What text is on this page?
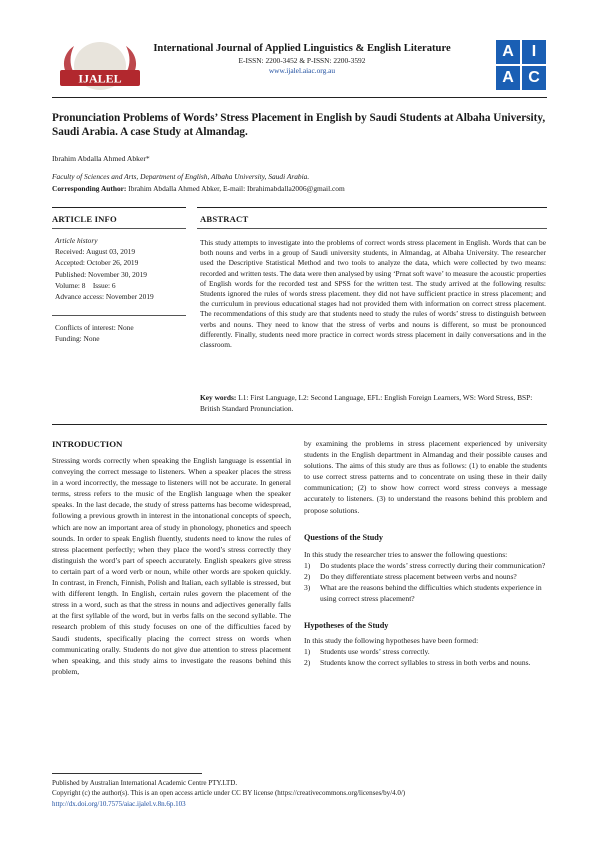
IJALEL
International Journal of Applied Linguistics & English Literature
E-ISSN: 2200-3452 & P-ISSN: 2200-3592
www.ijalel.aiac.org.au
A	I
A C
Pronunciation Problems of Words’ Stress Placement in English by Saudi Students at Albaha University, Saudi Arabia. A case Study at Almandag.
Ibrahim Abdalla Ahmed Abker*
Faculty of Sciences and Arts, Department of English, Albaha University, Saudi Arabia.
Corresponding Author: Ibrahim Abdalla Ahmed Abker, E-mail: Ibrahimabdalla2006@gmail.com
ARTICLE INFO	ABSTRACT
Article history
Received: August 03, 2019
Accepted: October 26, 2019
Published: November 30, 2019
Volume: 8    Issue: 6
Advance access: November 2019
Conflicts of interest: None
Funding: None
This study attempts to investigate into the problems of correct words stress placement in English. Words that can be both nouns and verbs in a group of Saudi university students, in Almandag, at Albaha University. The researcher used the Descriptive Statistical Method and two tools to analyze the data, which were collected by two means: recorded and written tests. The data were then analysed by using ‘Prnat soft wave’ to measure the acoustic properties of English words for the recorded test and SPSS for the written test. The study arrived at the following results: Students ignored the rules of words stress placement. they did not have sufficient practice in stress placement; and the curriculum in previous educational stages had not provided them with information on correct stress placement. The recommendations of this study are that students need to study the rules of words’ stress to distinguish between verbs and nouns. They need to know that the stress of verbs and nouns is different, so must be pronounced differently. Finally, students need more practice in correct words stress placement in daily conversations and in the classroom.
Key words: L1: First Language, L2: Second Language, EFL: English Foreign Learners, WS: Word Stress, BSP: British Standard Pronunciation.
INTRODUCTION
Stressing words correctly when speaking the English language is essential in conveying the correct message to listeners. When a speaker places the stress in a word incorrectly, the message to listeners will not be accurate. In general terms, stress refers to the music of the English language when the speaker speaks. In the last decade, the study of stress patterns has become widespread, following a previous growth in interest in the intonational concepts of speech, which are now an important area of study in phonology, phonetics and speech sounds. In order to speak English fluently, students need to know the rules of stress placement perfectly; when they place the word’s stress correctly they distinguish the word’s part of speech accurately. English speakers give stress to certain part of a word verb or noun, while other words are spoken quickly. In contrast, in French, Finnish, Polish and Italian, each syllable is stressed, but with different length. In English, certain rules govern the placement of the stress in a word, such as that the stress in nouns and adjectives generally falls at the first syllable of the word, but in verbs falls on the second syllable. The research problem of this study focuses on one of the difficulties faced by Saudi students, specifically placing the correct stress on words when communicating orally. Students do not give due attention to stress placement when speaking, and this study aims to investigate the reasons behind this problem,
by examining the problems in stress placement experienced by university students in the English department in Almandag and their possible causes and solutions. The aims of this study are thus as follows: (1) to enable the students to use correct stress patterns and to concentrate on using these in their daily communication; (2) to show how correct word stress conveys a message accurately to listeners. (3) to understand the reasons behind this problem and propose solutions.
Questions of the Study
In this study the researcher tries to answer the following questions:
1) Do students place the words’ stress correctly during their communication?
2) Do they differentiate stress placement between verbs and nouns?
3) What are the reasons behind the difficulties which students experience in using correct stress placement?
Hypotheses of the Study
In this study the following hypotheses have been formed:
1) Students use words’ stress correctly.
2) Students know the correct syllables to stress in both verbs and nouns.
Published by Australian International Academic Centre PTY.LTD.
Copyright (c) the author(s). This is an open access article under CC BY license (https://creativecommons.org/licenses/by/4.0/)
http://dx.doi.org/10.7575/aiac.ijalel.v.8n.6p.103
